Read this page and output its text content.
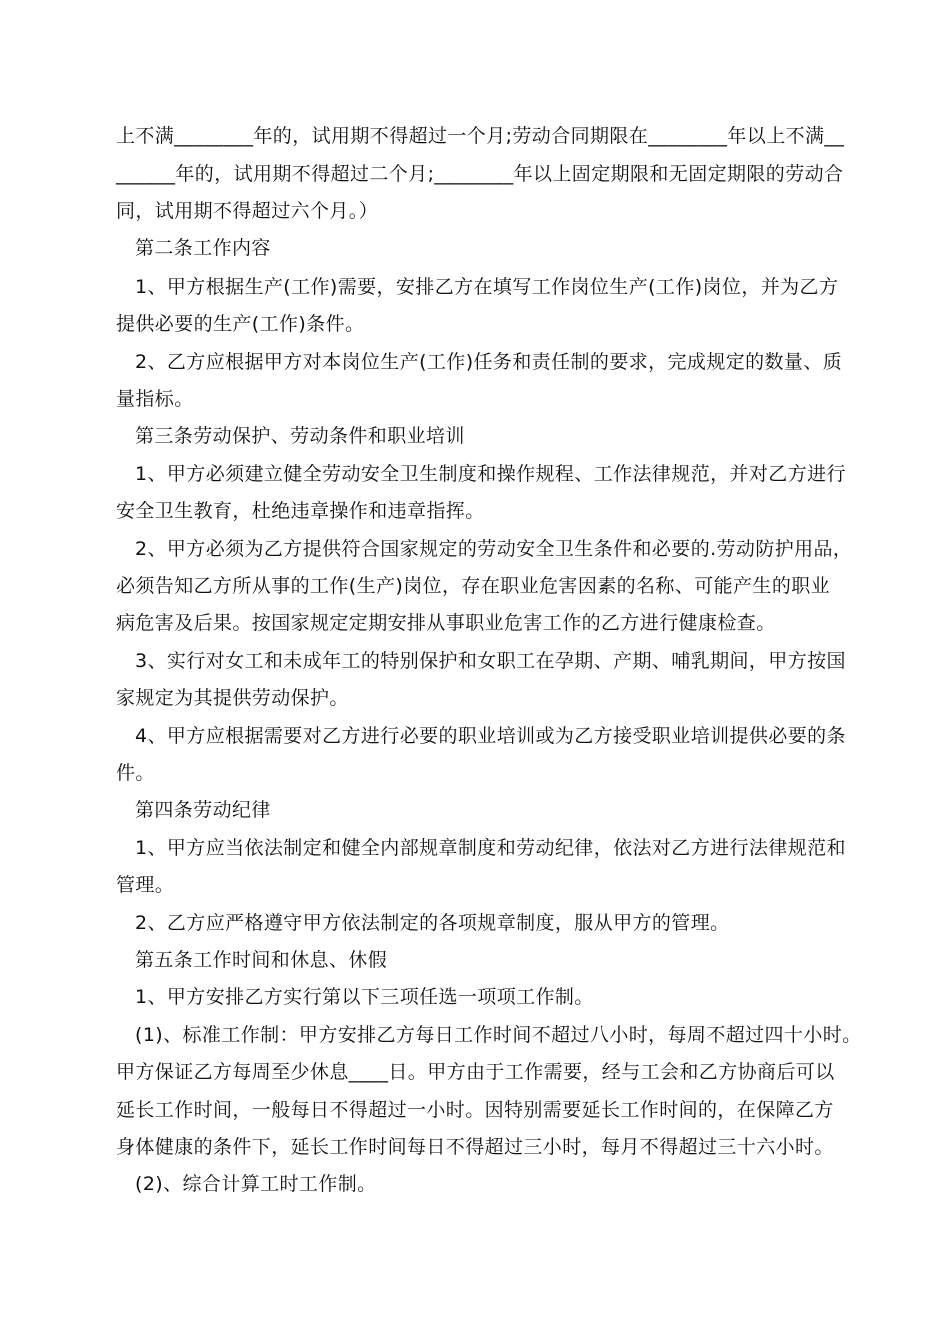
上不满________年的，试用期不得超过一个月;劳动合同期限在________年以上不满__
______年的，试用期不得超过二个月;________年以上固定期限和无固定期限的劳动合
同，试用期不得超过六个月。）
第二条工作内容
1、甲方根据生产(工作)需要，安排乙方在填写工作岗位生产(工作)岗位，并为乙方
提供必要的生产(工作)条件。
2、乙方应根据甲方对本岗位生产(工作)任务和责任制的要求，完成规定的数量、质
量指标。
第三条劳动保护、劳动条件和职业培训
1、甲方必须建立健全劳动安全卫生制度和操作规程、工作法律规范，并对乙方进行
安全卫生教育，杜绝违章操作和违章指挥。
2、甲方必须为乙方提供符合国家规定的劳动安全卫生条件和必要的.劳动防护用品，
必须告知乙方所从事的工作(生产)岗位，存在职业危害因素的名称、可能产生的职业
病危害及后果。按国家规定定期安排从事职业危害工作的乙方进行健康检查。
3、实行对女工和未成年工的特别保护和女职工在孕期、产期、哺乳期间，甲方按国
家规定为其提供劳动保护。
4、甲方应根据需要对乙方进行必要的职业培训或为乙方接受职业培训提供必要的条
件。
第四条劳动纪律
1、甲方应当依法制定和健全内部规章制度和劳动纪律，依法对乙方进行法律规范和
管理。
2、乙方应严格遵守甲方依法制定的各项规章制度，服从甲方的管理。
第五条工作时间和休息、休假
1、甲方安排乙方实行第以下三项任选一项项工作制。
(1)、标准工作制：甲方安排乙方每日工作时间不超过八小时，每周不超过四十小时。
甲方保证乙方每周至少休息____日。甲方由于工作需要，经与工会和乙方协商后可以
延长工作时间，一般每日不得超过一小时。因特别需要延长工作时间的，在保障乙方
身体健康的条件下，延长工作时间每日不得超过三小时，每月不得超过三十六小时。
(2)、综合计算工时工作制。
